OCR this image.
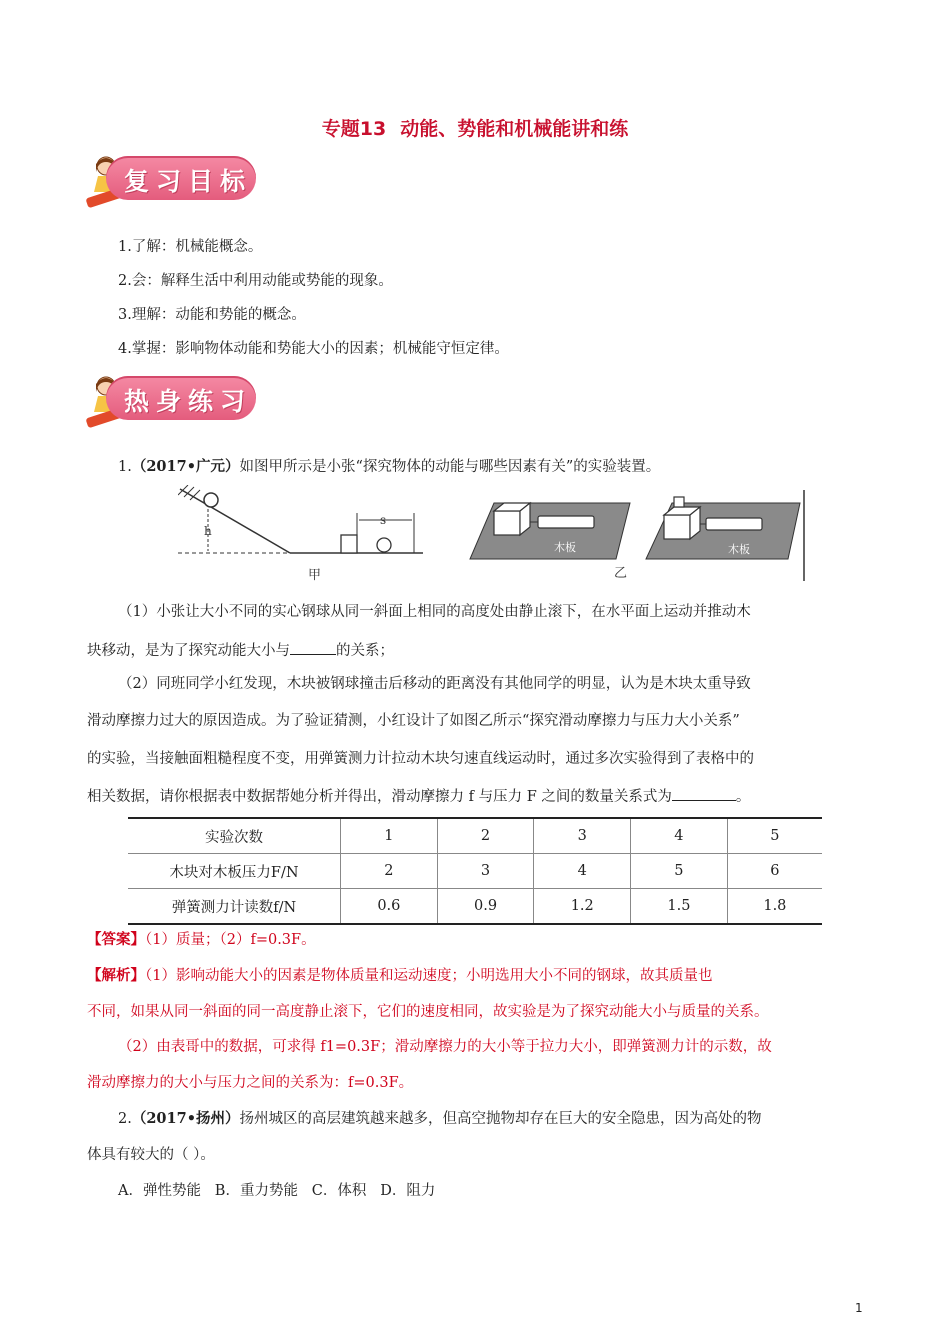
专题13 动能、势能和机械能讲和练
复习目标
1.了解：机械能概念。
2.会：解释生活中利用动能或势能的现象。
3.理解：动能和势能的概念。
4.掌握：影响物体动能和势能大小的因素；机械能守恒定律。
热身练习
1.（2017•广元）如图甲所示是小张“探究物体的动能与哪些因素有关”的实验装置。
h
s
甲
木板	木板
乙
（1）小张让大小不同的实心钢球从同一斜面上相同的高度处由静止滚下，在水平面上运动并推动木
块移动，是为了探究动能大小与	的关系；
（2）同班同学小红发现，木块被钢球撞击后移动的距离没有其他同学的明显，认为是木块太重导致
滑动摩擦力过大的原因造成。为了验证猜测，小红设计了如图乙所示“探究滑动摩擦力与压力大小关系”
的实验，当接触面粗糙程度不变，用弹簧测力计拉动木块匀速直线运动时，通过多次实验得到了表格中的
相关数据，请你根据表中数据帮她分析并得出，滑动摩擦力 f 与压力 F 之间的数量关系式为	。
实验次数	1	2	3	4	5
木块对木板压力F/N	2	3	4	5	6
弹簧测力计读数f/N	0.6	0.9	1.2	1.5	1.8
【答案】（1）质量；（2）f=0.3F。
【解析】（1）影响动能大小的因素是物体质量和运动速度；小明选用大小不同的钢球，故其质量也
不同，如果从同一斜面的同一高度静止滚下，它们的速度相同，故实验是为了探究动能大小与质量的关系。
（2）由表哥中的数据，可求得 f1=0.3F；滑动摩擦力的大小等于拉力大小，即弹簧测力计的示数，故
滑动摩擦力的大小与压力之间的关系为：f=0.3F。
2.（2017•扬州）扬州城区的高层建筑越来越多，但高空抛物却存在巨大的安全隐患，因为高处的物
体具有较大的（ ）。
A．弹性势能   B．重力势能   C．体积   D．阻力
1
